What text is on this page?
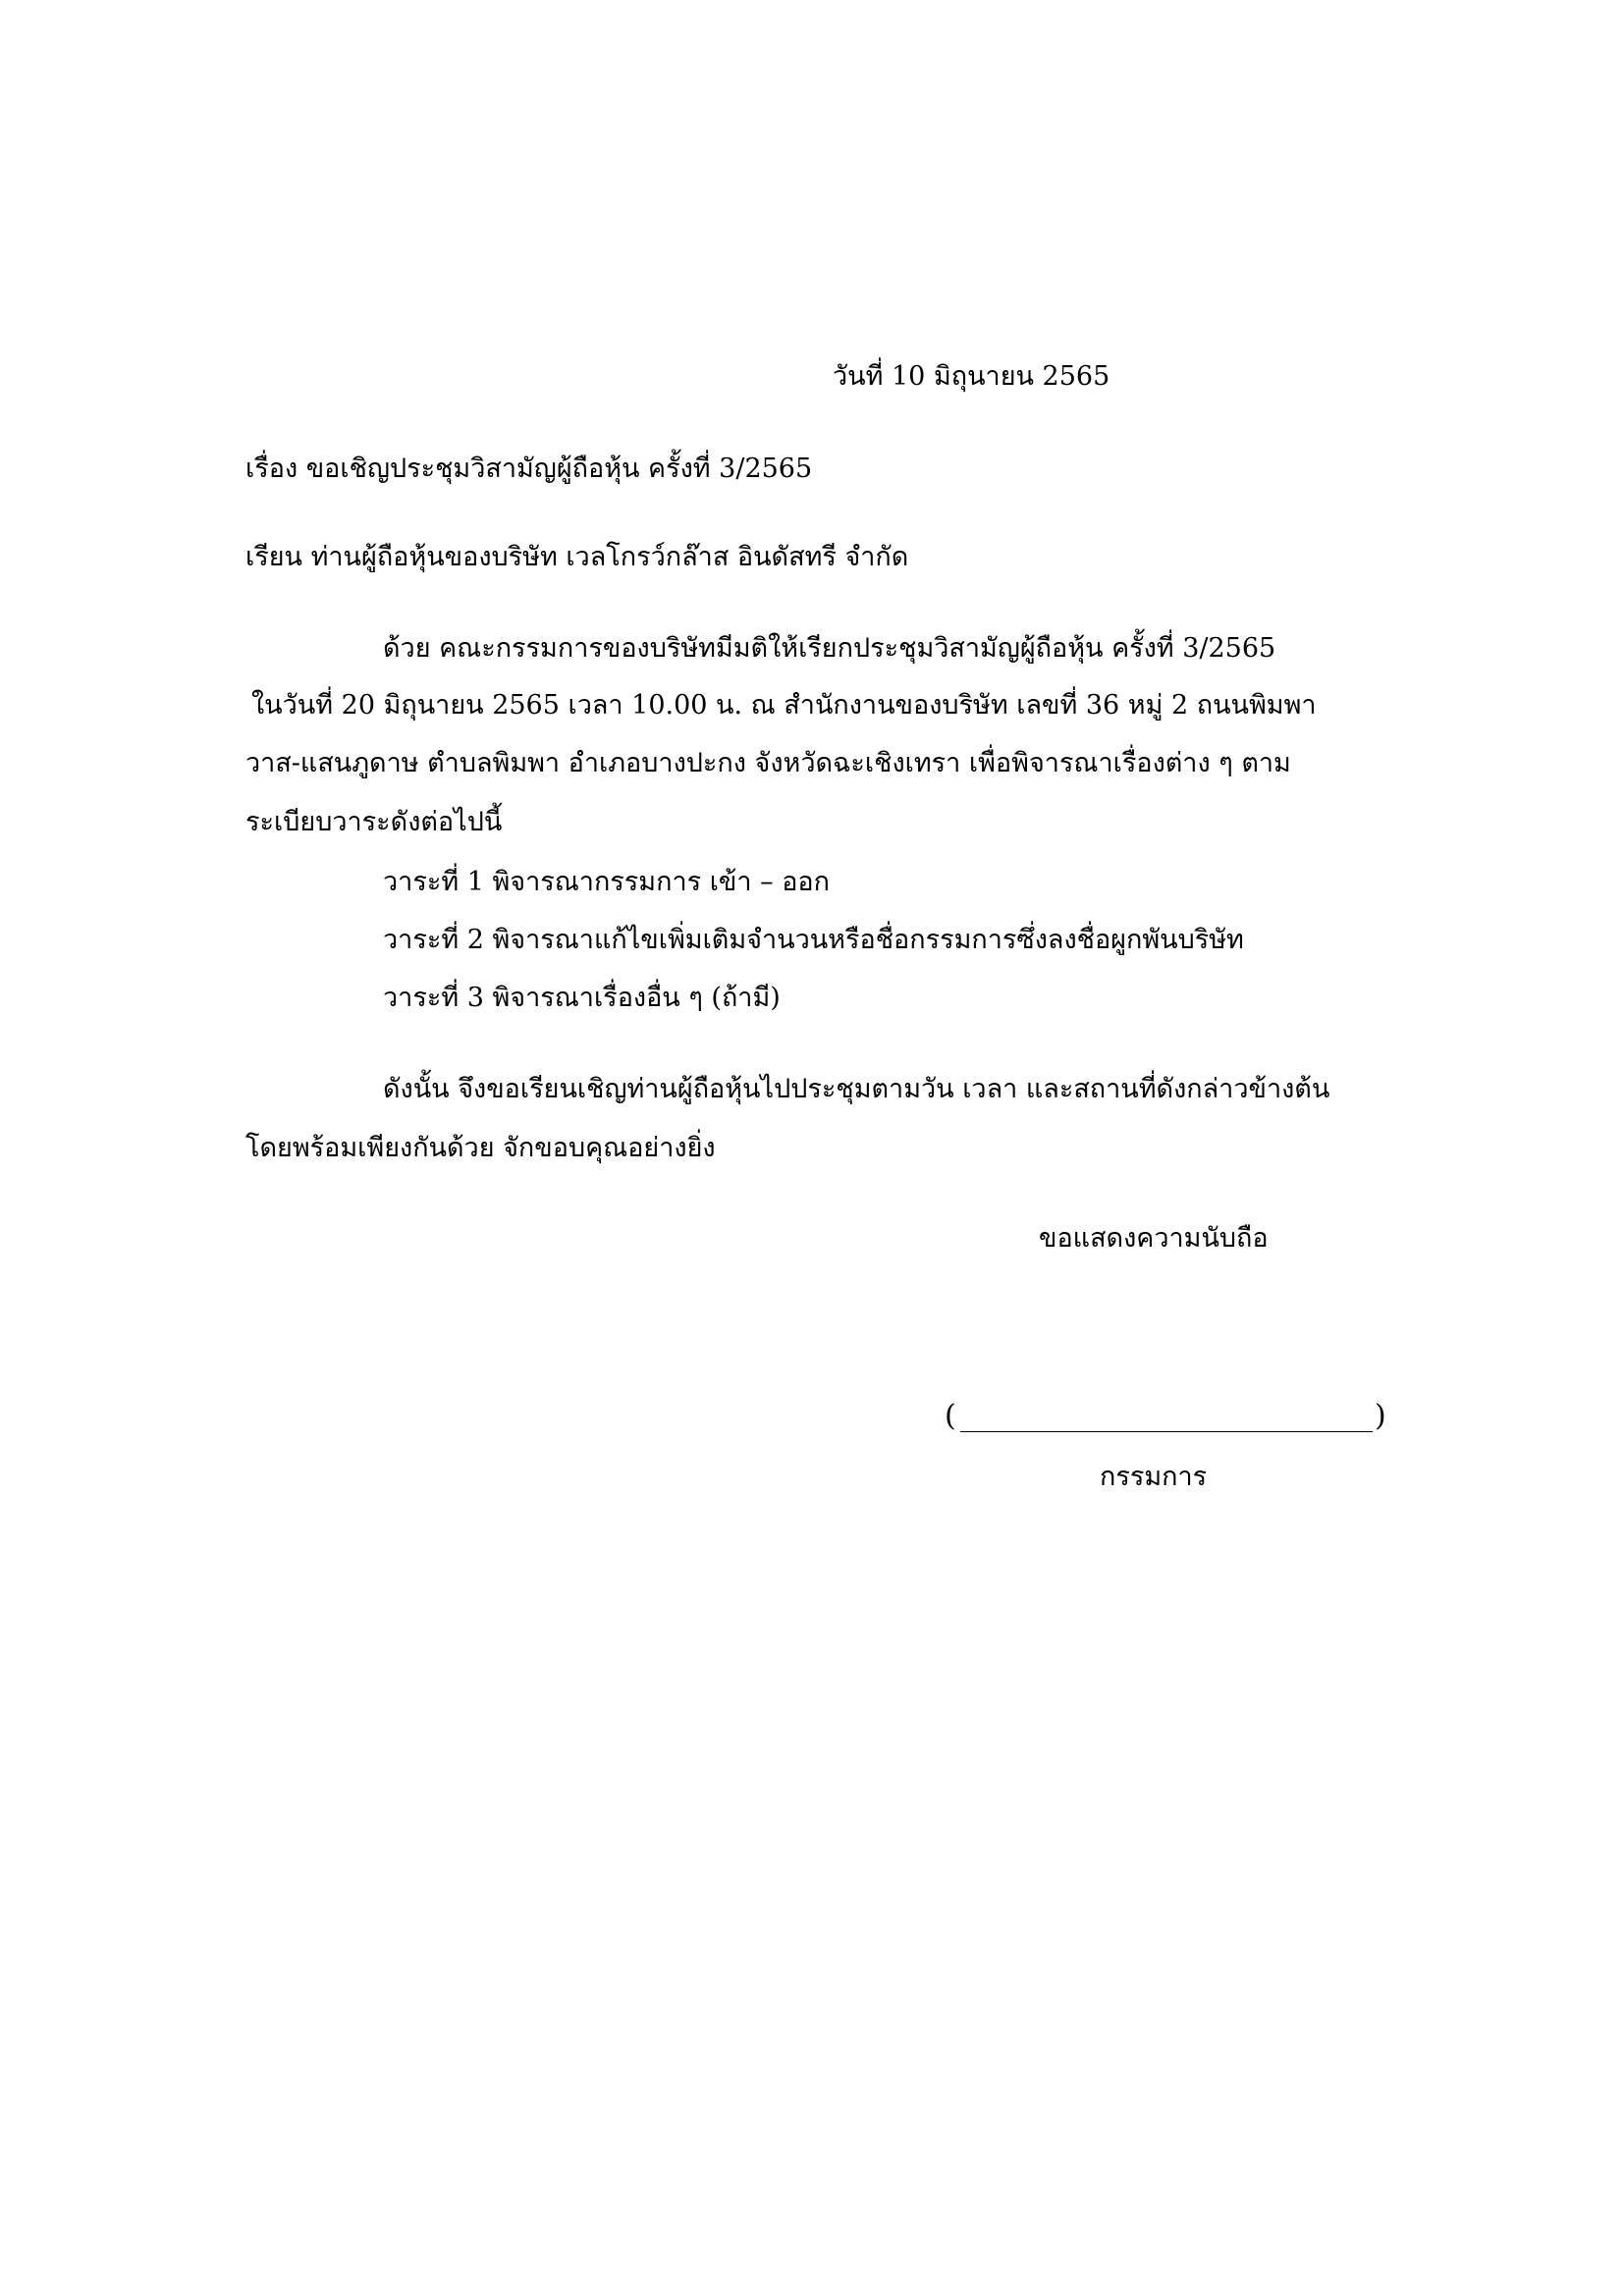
วันที่ 10 มิถุนายน 2565

เรื่อง ขอเชิญประชุมวิสามัญผู้ถือหุ้น ครั้งที่ 3/2565

เรียน ท่านผู้ถือหุ้นของบริษัท เวลโกรว์กล๊าส อินดัสทรี จำกัด

ด้วย คณะกรรมการของบริษัทมีมติให้เรียกประชุมวิสามัญผู้ถือหุ้น ครั้งที่ 3/2565

ในวันที่ 20 มิถุนายน 2565 เวลา 10.00 น. ณ สำนักงานของบริษัท เลขที่ 36 หมู่ 2 ถนนพิมพา

วาส-แสนภูดาษ ตำบลพิมพา อำเภอบางปะกง จังหวัดฉะเชิงเทรา เพื่อพิจารณาเรื่องต่าง ๆ ตาม

ระเบียบวาระดังต่อไปนี้

วาระที่ 1 พิจารณากรรมการ เข้า – ออก

วาระที่ 2 พิจารณาแก้ไขเพิ่มเติมจำนวนหรือชื่อกรรมการซึ่งลงชื่อผูกพันบริษัท

วาระที่ 3 พิจารณาเรื่องอื่น ๆ (ถ้ามี)

ดังนั้น จึงขอเรียนเชิญท่านผู้ถือหุ้นไปประชุมตามวัน เวลา และสถานที่ดังกล่าวข้างต้น

โดยพร้อมเพียงกันด้วย จักขอบคุณอย่างยิ่ง

ขอแสดงความนับถือ

(	)

กรรมการ
